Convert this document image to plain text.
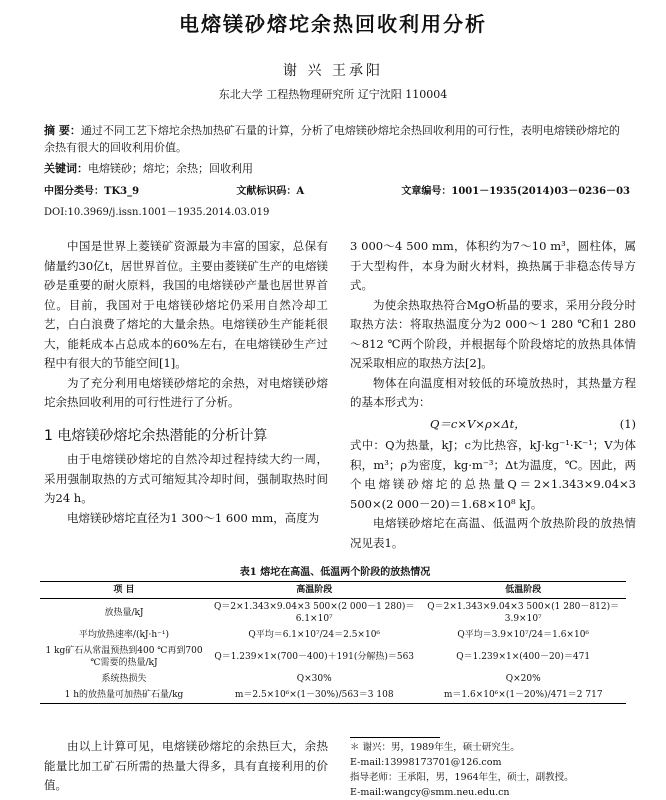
电熔镁砂熔坨余热回收利用分析
谢 兴 王承阳
东北大学 工程热物理研究所 辽宁沈阳 110004
摘 要：通过不同工艺下熔坨余热加热矿石量的计算，分析了电熔镁砂熔坨余热回收利用的可行性，表明电熔镁砂熔坨的余热有很大的回收利用价值。
关键词：电熔镁砂；熔坨；余热；回收利用
中图分类号：TK3_9	文献标识码：A	文章编号：1001－1935(2014)03－0236－03
DOI:10.3969/j.issn.1001－1935.2014.03.019

中国是世界上菱镁矿资源最为丰富的国家，总保有储量约30亿t，居世界首位。主要由菱镁矿生产的电熔镁砂是重要的耐火原料，我国的电熔镁砂产量也居世界首位。目前，我国对于电熔镁砂熔坨仍采用自然冷却工艺，白白浪费了熔坨的大量余热。电熔镁砂生产能耗很大，能耗成本占总成本的60%左右，在电熔镁砂生产过程中有很大的节能空间[1]。

为了充分利用电熔镁砂熔坨的余热，对电熔镁砂熔坨余热回收利用的可行性进行了分析。

1 电熔镁砂熔坨余热潜能的分析计算

由于电熔镁砂熔坨的自然冷却过程持续大约一周，采用强制取热的方式可缩短其冷却时间，强制取热时间为24 h。

电熔镁砂熔坨直径为1 300～1 600 mm，高度为

3 000～4 500 mm，体积约为7～10 m³，圆柱体，属于大型构件，本身为耐火材料，换热属于非稳态传导方式。

为使余热取热符合MgO析晶的要求，采用分段分时取热方法：将取热温度分为2 000～1 280 ℃和1 280～812 ℃两个阶段，并根据每个阶段熔坨的放热具体情况采取相应的取热方法[2]。

物体在向温度相对较低的环境放热时，其热量方程的基本形式为：

Q＝c×V×ρ×Δt，	(1)

式中：Q为热量，kJ；c为比热容，kJ·kg⁻¹·K⁻¹；V为体积，m³；ρ为密度，kg·m⁻³；Δt为温度，℃。因此，两个电熔镁砂熔坨的总热量Q＝2×1.343×9.04×3 500×(2 000－20)＝1.68×10⁸ kJ。

电熔镁砂熔坨在高温、低温两个放热阶段的放热情况见表1。

表1 熔坨在高温、低温两个阶段的放热情况
项 目	高温阶段	低温阶段
放热量/kJ	Q＝2×1.343×9.04×3 500×(2 000－1 280)＝6.1×10⁷	Q＝2×1.343×9.04×3 500×(1 280－812)＝3.9×10⁷
平均放热速率/(kJ·h⁻¹)	Q平均＝6.1×10⁷/24＝2.5×10⁶	Q平均＝3.9×10⁷/24＝1.6×10⁶
1 kg矿石从常温预热到400 ℃再到700 ℃需要的热量/kJ	Q＝1.239×1×(700－400)＋191(分解热)＝563	Q＝1.239×1×(400－20)＝471
系统热损失	Q×30%	Q×20%
1 h的放热量可加热矿石量/kg	m＝2.5×10⁶×(1－30%)/563＝3 108	m＝1.6×10⁶×(1－20%)/471＝2 717

由以上计算可见，电熔镁砂熔坨的余热巨大，余热能量比加工矿石所需的热量大得多，具有直接利用的价值。

＊ 谢兴：男，1989年生，硕士研究生。
E-mail:13998173701@126.com
指导老师：王承阳，男，1964年生，硕士，副教授。
E-mail:wangcy@smm.neu.edu.cn
